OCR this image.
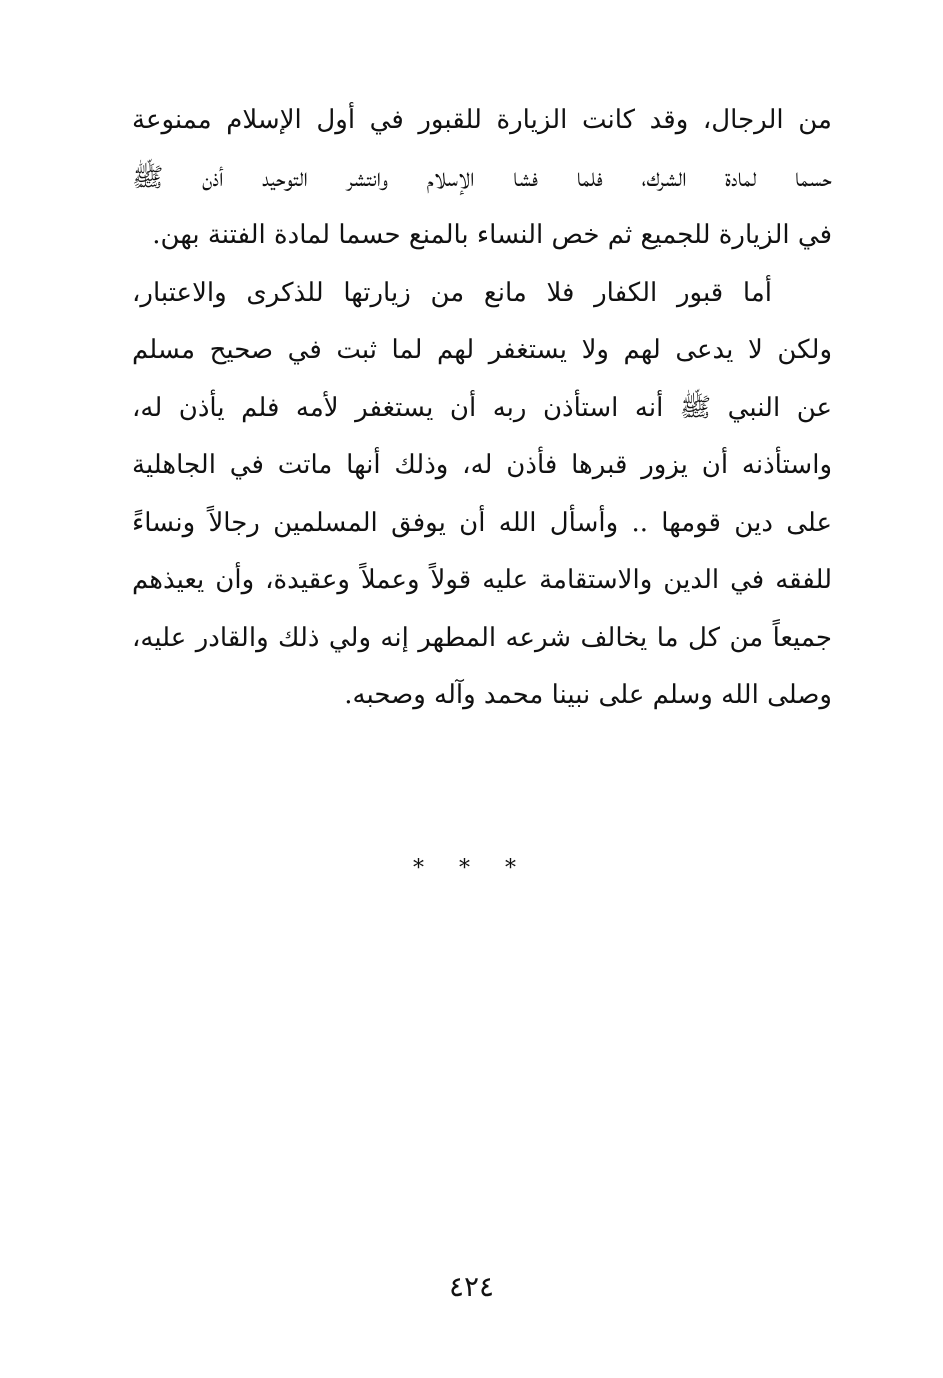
من الرجال، وقد كانت الزيارة للقبور في أول الإسلام ممنوعة
حسما لمادة الشرك، فلما فشا الإسلام وانتشر التوحيد أذن ﷺ
في الزيارة للجميع ثم خص النساء بالمنع حسما لمادة الفتنة بهن.
أما قبور الكفار فلا مانع من زيارتها للذكرى والاعتبار،
ولكن لا يدعى لهم ولا يستغفر لهم لما ثبت في صحيح مسلم
عن النبي ﷺ أنه استأذن ربه أن يستغفر لأمه فلم يأذن له،
واستأذنه أن يزور قبرها فأذن له، وذلك أنها ماتت في الجاهلية
على دين قومها .. وأسأل الله أن يوفق المسلمين رجالاً ونساءً
للفقه في الدين والاستقامة عليه قولاً وعملاً وعقيدة، وأن يعيذهم
جميعاً من كل ما يخالف شرعه المطهر إنه ولي ذلك والقادر عليه،
وصلى الله وسلم على نبينا محمد وآله وصحبه.
* * *
٤٢٤
